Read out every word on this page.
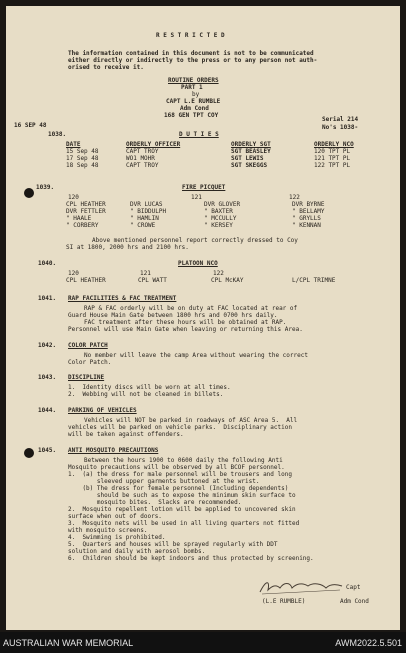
R E S T R I C T E D
The information contained in this document is not to be communicated
either directly or indirectly to the press or to any person not auth-
orised to receive it.
ROUTINE ORDERS
PART 1
by
CAPT L.E RUMBLE
Adm Cond
168 GEN TPT COY
16 SEP 48
Serial 214
No's 1038-
1038.	D U T I E S
DATE	ORDERLY OFFICER	ORDERLY SGT	ORDERLY NCO
15 Sep 48	CAPT TROY	SGT BEASLEY	120 TPT PL
17 Sep 48	WO1 MOHR	SGT LEWIS	121 TPT PL
18 Sep 48	CAPT TROY	SGT SKEGGS	122 TPT PL
1039.	FIRE PICQUET
120	121	122
CPL HEATHER	DVR LUCAS	DVR GLOVER	DVR BYRNE
DVR FETTLER	" BIDDULPH	" BAXTER	" BELLAMY
" HAALE	" HAMLIN	" MCCULLY	" GRYLLS
" CORBERY	" CROWE	" KERSEY	" KENNAN
Above mentioned personnel report correctly dressed to Coy
SI at 1800, 2000 hrs and 2100 hrs.
1040.	PLATOON NCO
120	121	122
CPL HEATHER	CPL WATT	CPL McKAY	L/CPL TRIMNE
1041. RAP FACILITIES & FAC TREATMENT
RAP & FAC orderly will be on duty at FAC located at rear of
Guard House Main Gate between 1800 hrs and 0700 hrs daily.
FAC treatment after these hours will be obtained at RAP.
Personnel will use Main Gate when leaving or returning this Area.
1042. COLOR PATCH
No member will leave the camp Area without wearing the correct
Color Patch.
1043. DISCIPLINE
1.  Identity discs will be worn at all times.
2.  Webbing will not be cleaned in billets.
1044. PARKING OF VEHICLES
Vehicles will NOT be parked in roadways of ASC Area 5.  All
vehicles will be parked on vehicle parks.  Disciplinary action
will be taken against offenders.
1045. ANTI MOSQUITO PRECAUTIONS
Between the hours 1900 to 0600 daily the following Anti
Mosquito precautions will be observed by all BCOF personnel.
1.  (a) the dress for male personnel will be trousers and long
sleeved upper garments buttoned at the wrist.
(b) The dress for female personnel (Including dependents)
should be such as to expose the minimum skin surface to
mosquito bites.  Slacks are recommended.
2.  Mosquito repellent lotion will be applied to uncovered skin
surface when out of doors.
3.  Mosquito nets will be used in all living quarters not fitted
with mosquito screens.
4.  Swimming is prohibited.
5.  Quarters and houses will be sprayed regularly with DDT
solution and daily with aerosol bombs.
6.  Children should be kept indoors and thus protected by screening.
Capt
(L.E RUMBLE)	Adm Cond
AUSTRALIAN WAR MEMORIAL	AWM2022.5.501
